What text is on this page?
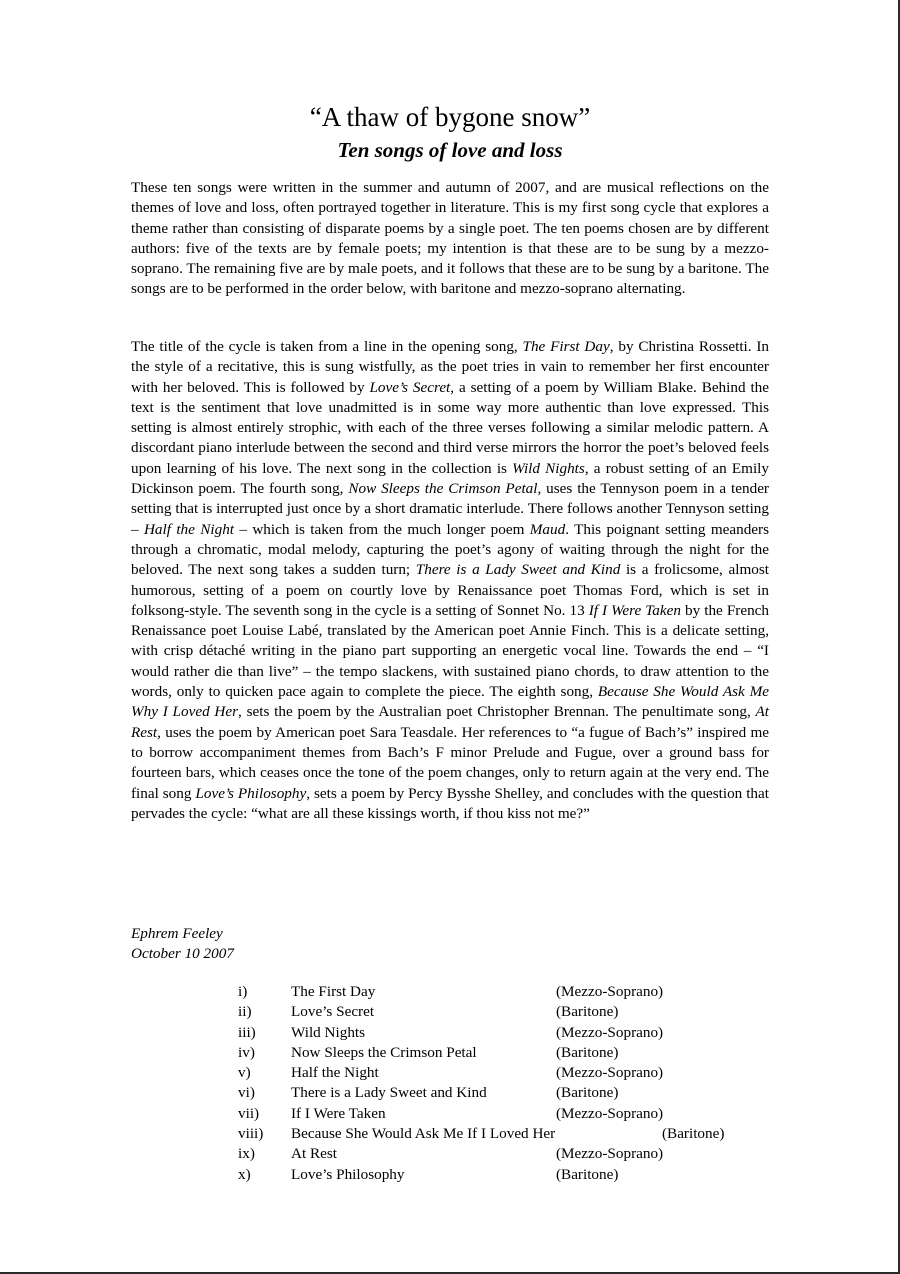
“A thaw of bygone snow”
Ten songs of love and loss

These ten songs were written in the summer and autumn of 2007, and are musical reflections on the themes of love and loss, often portrayed together in literature. This is my first song cycle that explores a theme rather than consisting of disparate poems by a single poet. The ten poems chosen are by different authors: five of the texts are by female poets; my intention is that these are to be sung by a mezzo-soprano. The remaining five are by male poets, and it follows that these are to be sung by a baritone. The songs are to be performed in the order below, with baritone and mezzo-soprano alternating.

The title of the cycle is taken from a line in the opening song, The First Day, by Christina Rossetti. In the style of a recitative, this is sung wistfully, as the poet tries in vain to remember her first encounter with her beloved. This is followed by Love’s Secret, a setting of a poem by William Blake. Behind the text is the sentiment that love unadmitted is in some way more authentic than love expressed. This setting is almost entirely strophic, with each of the three verses following a similar melodic pattern. A discordant piano interlude between the second and third verse mirrors the horror the poet’s beloved feels upon learning of his love. The next song in the collection is Wild Nights, a robust setting of an Emily Dickinson poem. The fourth song, Now Sleeps the Crimson Petal, uses the Tennyson poem in a tender setting that is interrupted just once by a short dramatic interlude. There follows another Tennyson setting – Half the Night – which is taken from the much longer poem Maud. This poignant setting meanders through a chromatic, modal melody, capturing the poet’s agony of waiting through the night for the beloved. The next song takes a sudden turn; There is a Lady Sweet and Kind is a frolicsome, almost humorous, setting of a poem on courtly love by Renaissance poet Thomas Ford, which is set in folksong-style. The seventh song in the cycle is a setting of Sonnet No. 13 If I Were Taken by the French Renaissance poet Louise Labé, translated by the American poet Annie Finch. This is a delicate setting, with crisp détaché writing in the piano part supporting an energetic vocal line. Towards the end – “I would rather die than live” – the tempo slackens, with sustained piano chords, to draw attention to the words, only to quicken pace again to complete the piece. The eighth song, Because She Would Ask Me Why I Loved Her, sets the poem by the Australian poet Christopher Brennan. The penultimate song, At Rest, uses the poem by American poet Sara Teasdale. Her references to “a fugue of Bach’s” inspired me to borrow accompaniment themes from Bach’s F minor Prelude and Fugue, over a ground bass for fourteen bars, which ceases once the tone of the poem changes, only to return again at the very end. The final song Love’s Philosophy, sets a poem by Percy Bysshe Shelley, and concludes with the question that pervades the cycle: “what are all these kissings worth, if thou kiss not me?”

Ephrem Feeley

October 10 2007

i)	The First Day	(Mezzo-Soprano)
ii)	Love’s Secret	(Baritone)
iii) Wild Nights	(Mezzo-Soprano)
iv) Now Sleeps the Crimson Petal	(Baritone)
v)	Half the Night	(Mezzo-Soprano)
vi) There is a Lady Sweet and Kind	(Baritone)
vii) If I Were Taken	(Mezzo-Soprano)
viii) Because She Would Ask Me If I Loved Her	(Baritone)
ix) At Rest	(Mezzo-Soprano)
x)	Love’s Philosophy	(Baritone)
